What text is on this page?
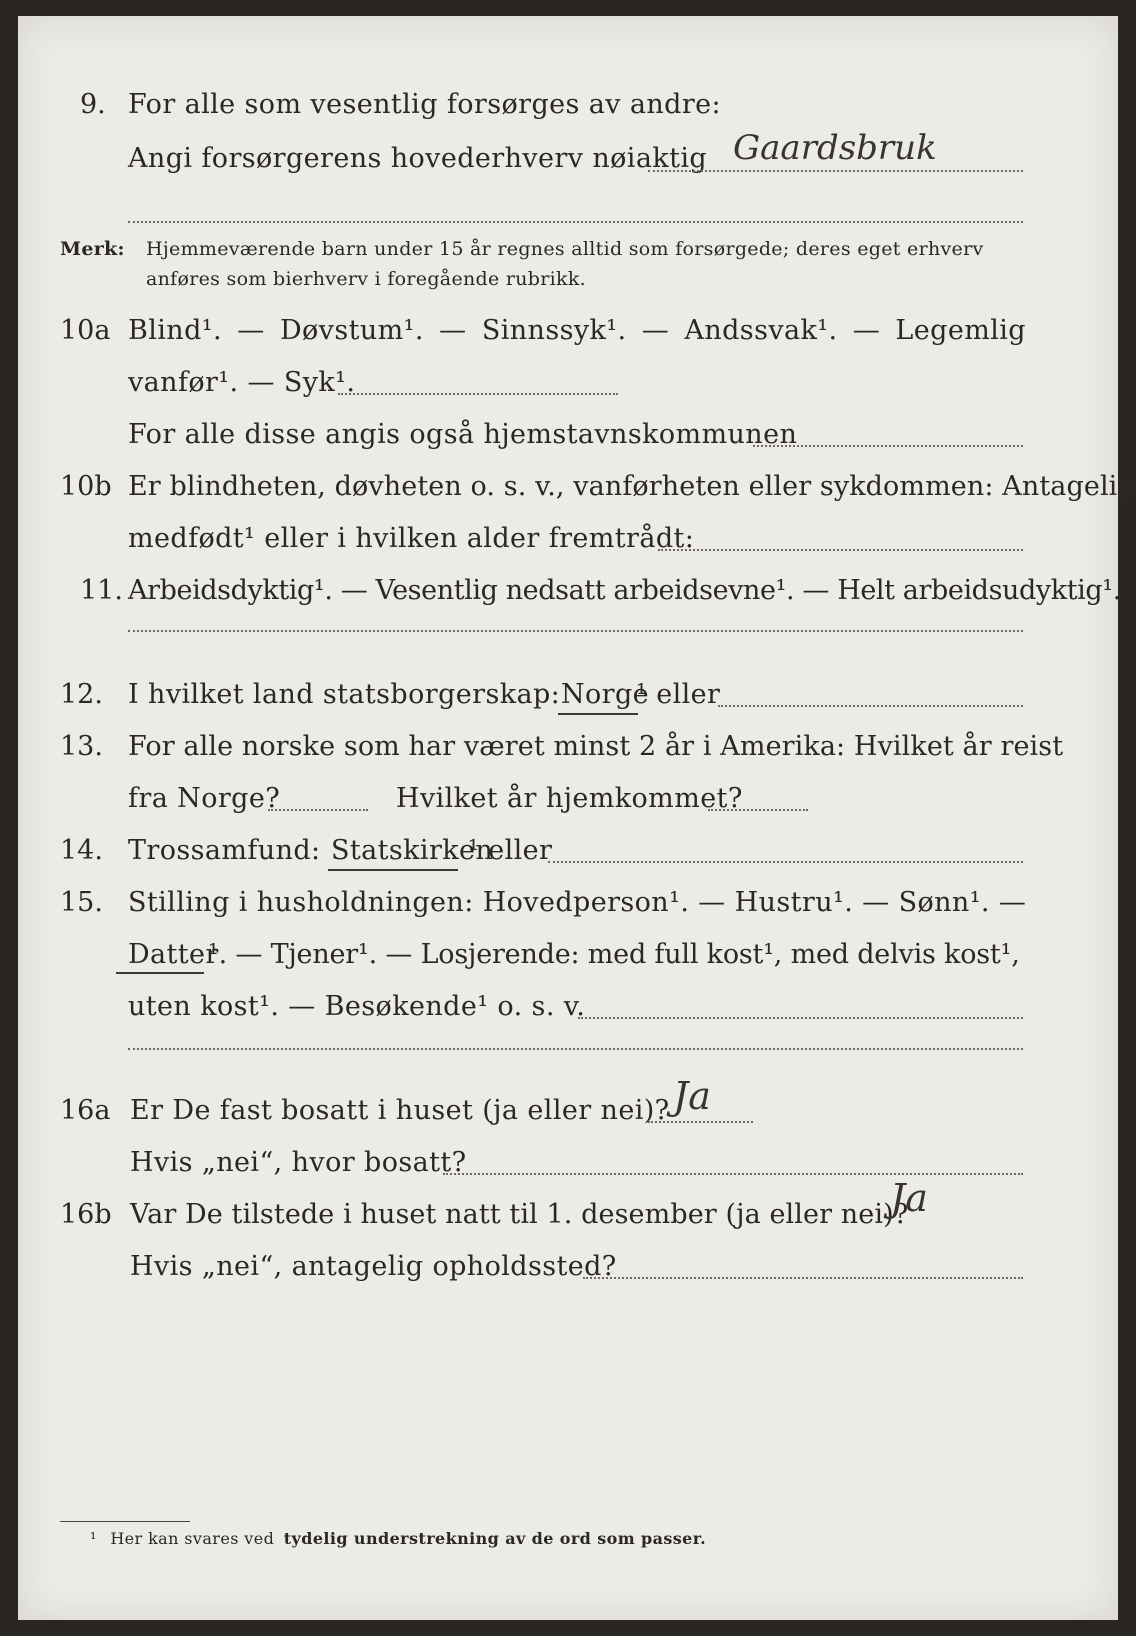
9. For alle som vesentlig forsørges av andre:
Angi forsørgerens hovederhverv nøiaktig Gaardsbruk
Merk: Hjemmeværende barn under 15 år regnes alltid som forsørgede; deres eget erhverv
anføres som bierhverv i foregående rubrikk.
10a Blind¹. — Døvstum¹. — Sinnssyk¹. — Andssvak¹. — Legemlig
vanfør¹. — Syk¹.
For alle disse angis også hjemstavnskommunen
10b Er blindheten, døvheten o. s. v., vanførheten eller sykdommen: Antagelig
medfødt¹ eller i hvilken alder fremtrådt:
11. Arbeidsdyktig¹. — Vesentlig nedsatt arbeidsevne¹. — Helt arbeidsudyktig¹.
12. I hvilket land statsborgerskap: Norge
¹ eller
13. For alle norske som har været minst 2 år i Amerika: Hvilket år reist
fra Norge?	Hvilket år hjemkommet?
14. Trossamfund: Statskirken
¹ eller
15. Stilling i husholdningen: Hovedperson¹. — Hustru¹. — Sønn¹. —
Datter
¹. — Tjener¹. — Losjerende: med full kost¹, med delvis kost¹,
uten kost¹. — Besøkende¹ o. s. v.
16a Er De fast bosatt i huset (ja eller nei)? Ja
Hvis „nei“, hvor bosatt?
16b Var De tilstede i huset natt til 1. desember (ja eller nei)?
Ja
Hvis „nei“, antagelig opholdssted?
¹ Her kan svares ved tydelig understrekning av de ord som passer.
